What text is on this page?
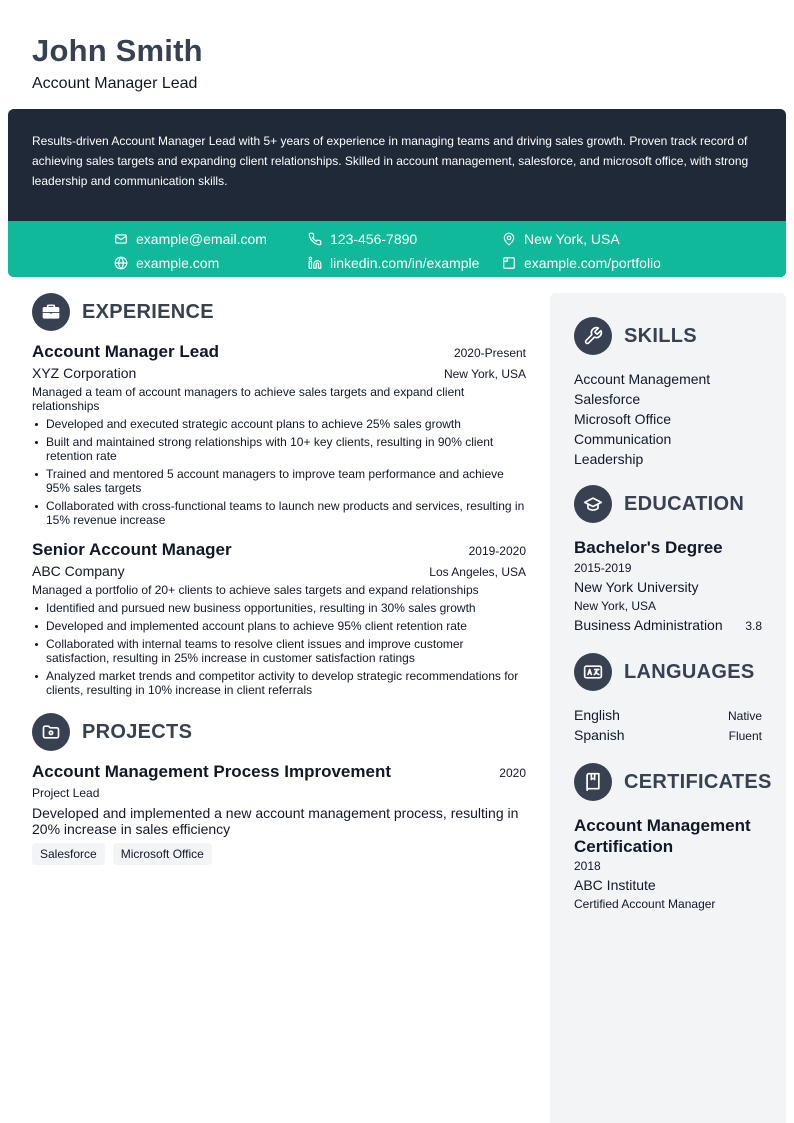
John Smith
Account Manager Lead
Results-driven Account Manager Lead with 5+ years of experience in managing teams and driving sales growth. Proven track record of achieving sales targets and expanding client relationships. Skilled in account management, salesforce, and microsoft office, with strong leadership and communication skills.
example@email.com	123-456-7890	New York, USA
example.com	linkedin.com/in/example	example.com/portfolio
EXPERIENCE
Account Manager Lead	2020-Present
XYZ Corporation	New York, USA
Managed a team of account managers to achieve sales targets and expand client relationships
Developed and executed strategic account plans to achieve 25% sales growth
Built and maintained strong relationships with 10+ key clients, resulting in 90% client retention rate
Trained and mentored 5 account managers to improve team performance and achieve 95% sales targets
Collaborated with cross-functional teams to launch new products and services, resulting in 15% revenue increase
Senior Account Manager	2019-2020
ABC Company	Los Angeles, USA
Managed a portfolio of 20+ clients to achieve sales targets and expand relationships
Identified and pursued new business opportunities, resulting in 30% sales growth
Developed and implemented account plans to achieve 95% client retention rate
Collaborated with internal teams to resolve client issues and improve customer satisfaction, resulting in 25% increase in customer satisfaction ratings
Analyzed market trends and competitor activity to develop strategic recommendations for clients, resulting in 10% increase in client referrals
PROJECTS
Account Management Process Improvement	2020
Project Lead
Developed and implemented a new account management process, resulting in 20% increase in sales efficiency
Salesforce	Microsoft Office
SKILLS
Account Management
Salesforce
Microsoft Office
Communication
Leadership
EDUCATION
Bachelor's Degree
2015-2019
New York University
New York, USA
Business Administration 3.8
LANGUAGES
English	Native
Spanish	Fluent
CERTIFICATES
Account Management Certification
2018
ABC Institute
Certified Account Manager
